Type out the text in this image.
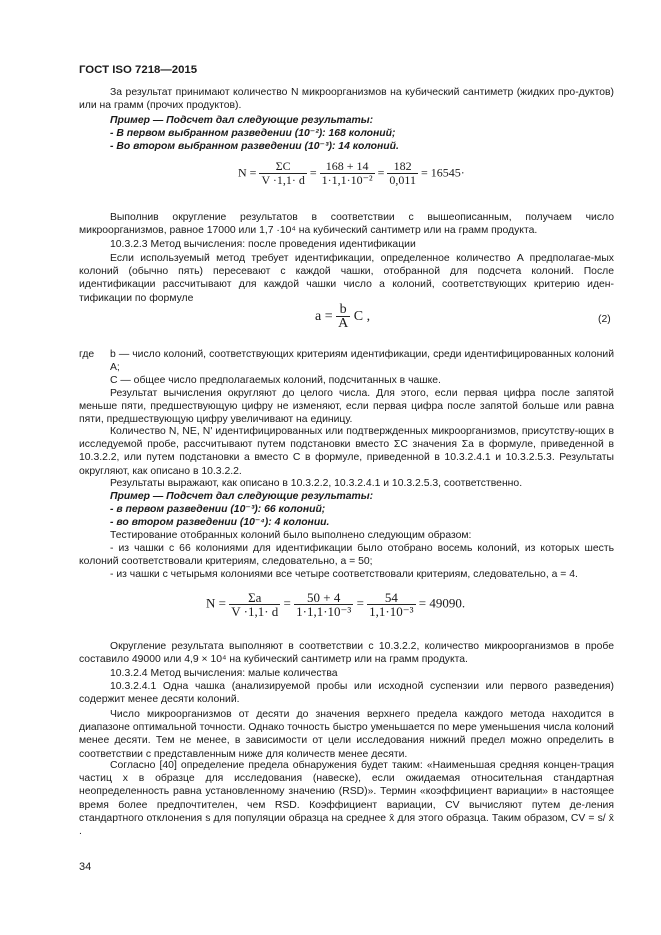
ГОСТ ISO 7218—2015

За результат принимают количество N микроорганизмов на кубический сантиметр (жидких про-дуктов) или на грамм (прочих продуктов).

Пример — Подсчет дал следующие результаты:

- В первом выбранном разведении (10⁻²): 168 колоний;

- Во втором выбранном разведении (10⁻³): 14 колоний.

$N = \frac{\Sigma C}{V \cdot 1,1\cdot d} = \frac{168 + 14}{\text{1·1,1·10⁻²}} = \frac{182}{0,011} = 16545\cdot$

Выполнив округление результатов в соответствии с вышеописанным, получаем число микроорганизмов, равное 17000 или 1,7 ·10⁴ на кубический сантиметр или на грамм продукта.

10.3.2.3 Метод вычисления: после проведения идентификации

Если используемый метод требует идентификации, определенное количество A предполагае-мых колоний (обычно пять) пересевают с каждой чашки, отобранной для подсчета колоний. После идентификации рассчитывают для каждой чашки число a колоний, соответствующих критерию иден-тификации по формуле

$a = \frac{b}{A}$ C ,	(2)
где b — число колоний, соответствующих критериям идентификации, среди идентифицированных колоний A;

C — общее число предполагаемых колоний, подсчитанных в чашке.

Результат вычисления округляют до целого числа. Для этого, если первая цифра после запятой меньше пяти, предшествующую цифру не изменяют, если первая цифра после запятой больше или равна пяти, предшествующую цифру увеличивают на единицу.

Количество N, NE, N' идентифицированных или подтвержденных микроорганизмов, присутству-ющих в исследуемой пробе, рассчитывают путем подстановки вместо ΣC значения Σa в формуле, приведенной в 10.3.2.2, или путем подстановки a вместо C в формуле, приведенной в 10.3.2.4.1 и 10.3.2.5.3. Результаты округляют, как описано в 10.3.2.2.

Результаты выражают, как описано в 10.3.2.2, 10.3.2.4.1 и 10.3.2.5.3, соответственно.

Пример — Подсчет дал следующие результаты:

- в первом разведении (10⁻³): 66 колоний;

- во втором разведении (10⁻⁴): 4 колонии.

Тестирование отобранных колоний было выполнено следующим образом:

- из чашки с 66 колониями для идентификации было отобрано восемь колоний, из которых шесть колоний соответствовали критериям, следовательно, a = 50;

- из чашки с четырьмя колониями все четыре соответствовали критериям, следовательно, a = 4.

$N = \frac{\Sigma a}{V \cdot 1,1\cdot d} = \frac{50 + 4}{\text{1·1,1·10⁻³}} = \frac{54}{\text{1,1·10⁻³}} = 49090$.

Округление результата выполняют в соответствии с 10.3.2.2, количество микроорганизмов в пробе составило 49000 или 4,9 × 10⁴ на кубический сантиметр или на грамм продукта.

10.3.2.4 Метод вычисления: малые количества

10.3.2.4.1 Одна чашка (анализируемой пробы или исходной суспензии или первого разведения) содержит менее десяти колоний.

Число микроорганизмов от десяти до значения верхнего предела каждого метода находится в диапазоне оптимальной точности. Однако точность быстро уменьшается по мере уменьшения числа колоний менее десяти. Тем не менее, в зависимости от цели исследования нижний предел можно определить в соответствии с представленным ниже для количеств менее десяти.

Согласно [40] определение предела обнаружения будет таким: «Наименьшая средняя концен-трация частиц x в образце для исследования (навеске), если ожидаемая относительная стандартная неопределенность равна установленному значению (RSD)». Термин «коэффициент вариации» в настоящее время более предпочтителен, чем RSD. Коэффициент вариации, CV вычисляют путем де-ления стандартного отклонения s для популяции образца на среднее x̄ для этого образца. Таким образом, CV = s/ x̄ .

34
